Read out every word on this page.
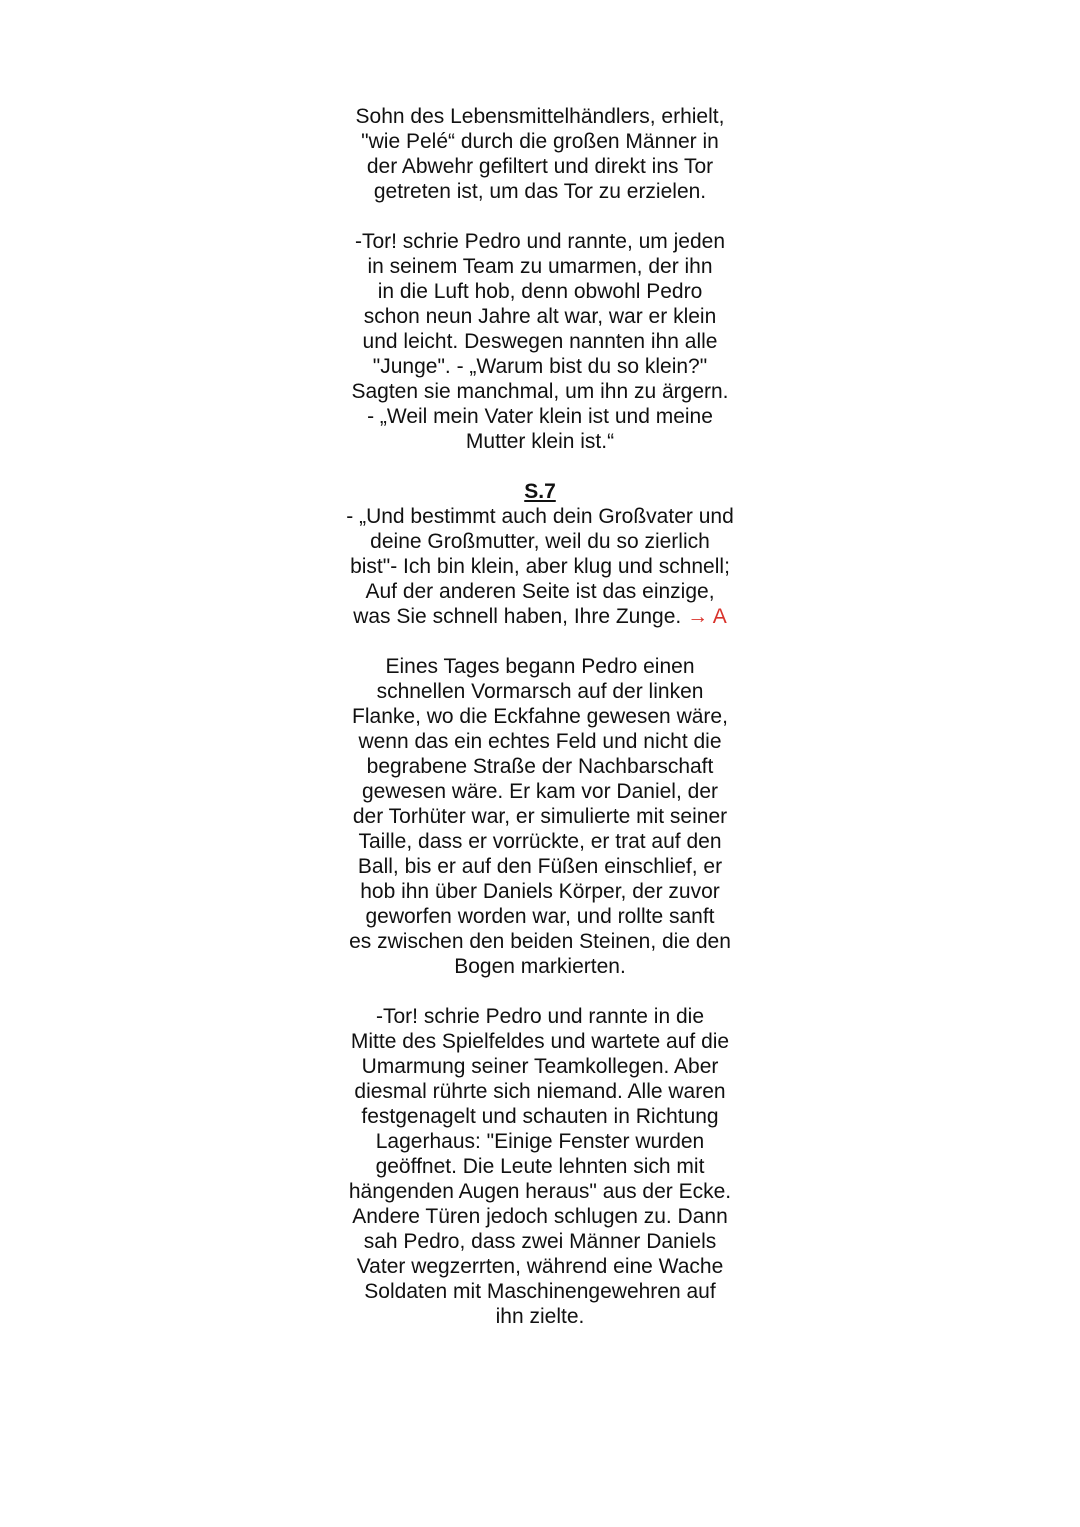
Sohn des Lebensmittelhändlers, erhielt,
"wie Pelé“ durch die großen Männer in
der Abwehr gefiltert und direkt ins Tor
getreten ist, um das Tor zu erzielen.
-Tor! schrie Pedro und rannte, um jeden
in seinem Team zu umarmen, der ihn
in die Luft hob, denn obwohl Pedro
schon neun Jahre alt war, war er klein
und leicht. Deswegen nannten ihn alle
"Junge". - „Warum bist du so klein?"
Sagten sie manchmal, um ihn zu ärgern.
- „Weil mein Vater klein ist und meine
Mutter klein ist.“
S.7
- „Und bestimmt auch dein Großvater und
deine Großmutter, weil du so zierlich
bist"- Ich bin klein, aber klug und schnell;
Auf der anderen Seite ist das einzige,
was Sie schnell haben, Ihre Zunge. → A
Eines Tages begann Pedro einen
schnellen Vormarsch auf der linken
Flanke, wo die Eckfahne gewesen wäre,
wenn das ein echtes Feld und nicht die
begrabene Straße der Nachbarschaft
gewesen wäre. Er kam vor Daniel, der
der Torhüter war, er simulierte mit seiner
Taille, dass er vorrückte, er trat auf den
Ball, bis er auf den Füßen einschlief, er
hob ihn über Daniels Körper, der zuvor
geworfen worden war, und rollte sanft
es zwischen den beiden Steinen, die den
Bogen markierten.
-Tor! schrie Pedro und rannte in die
Mitte des Spielfeldes und wartete auf die
Umarmung seiner Teamkollegen. Aber
diesmal rührte sich niemand. Alle waren
festgenagelt und schauten in Richtung
Lagerhaus: "Einige Fenster wurden
geöffnet. Die Leute lehnten sich mit
hängenden Augen heraus" aus der Ecke.
Andere Türen jedoch schlugen zu. Dann
sah Pedro, dass zwei Männer Daniels
Vater wegzerrten, während eine Wache
Soldaten mit Maschinengewehren auf
ihn zielte.
